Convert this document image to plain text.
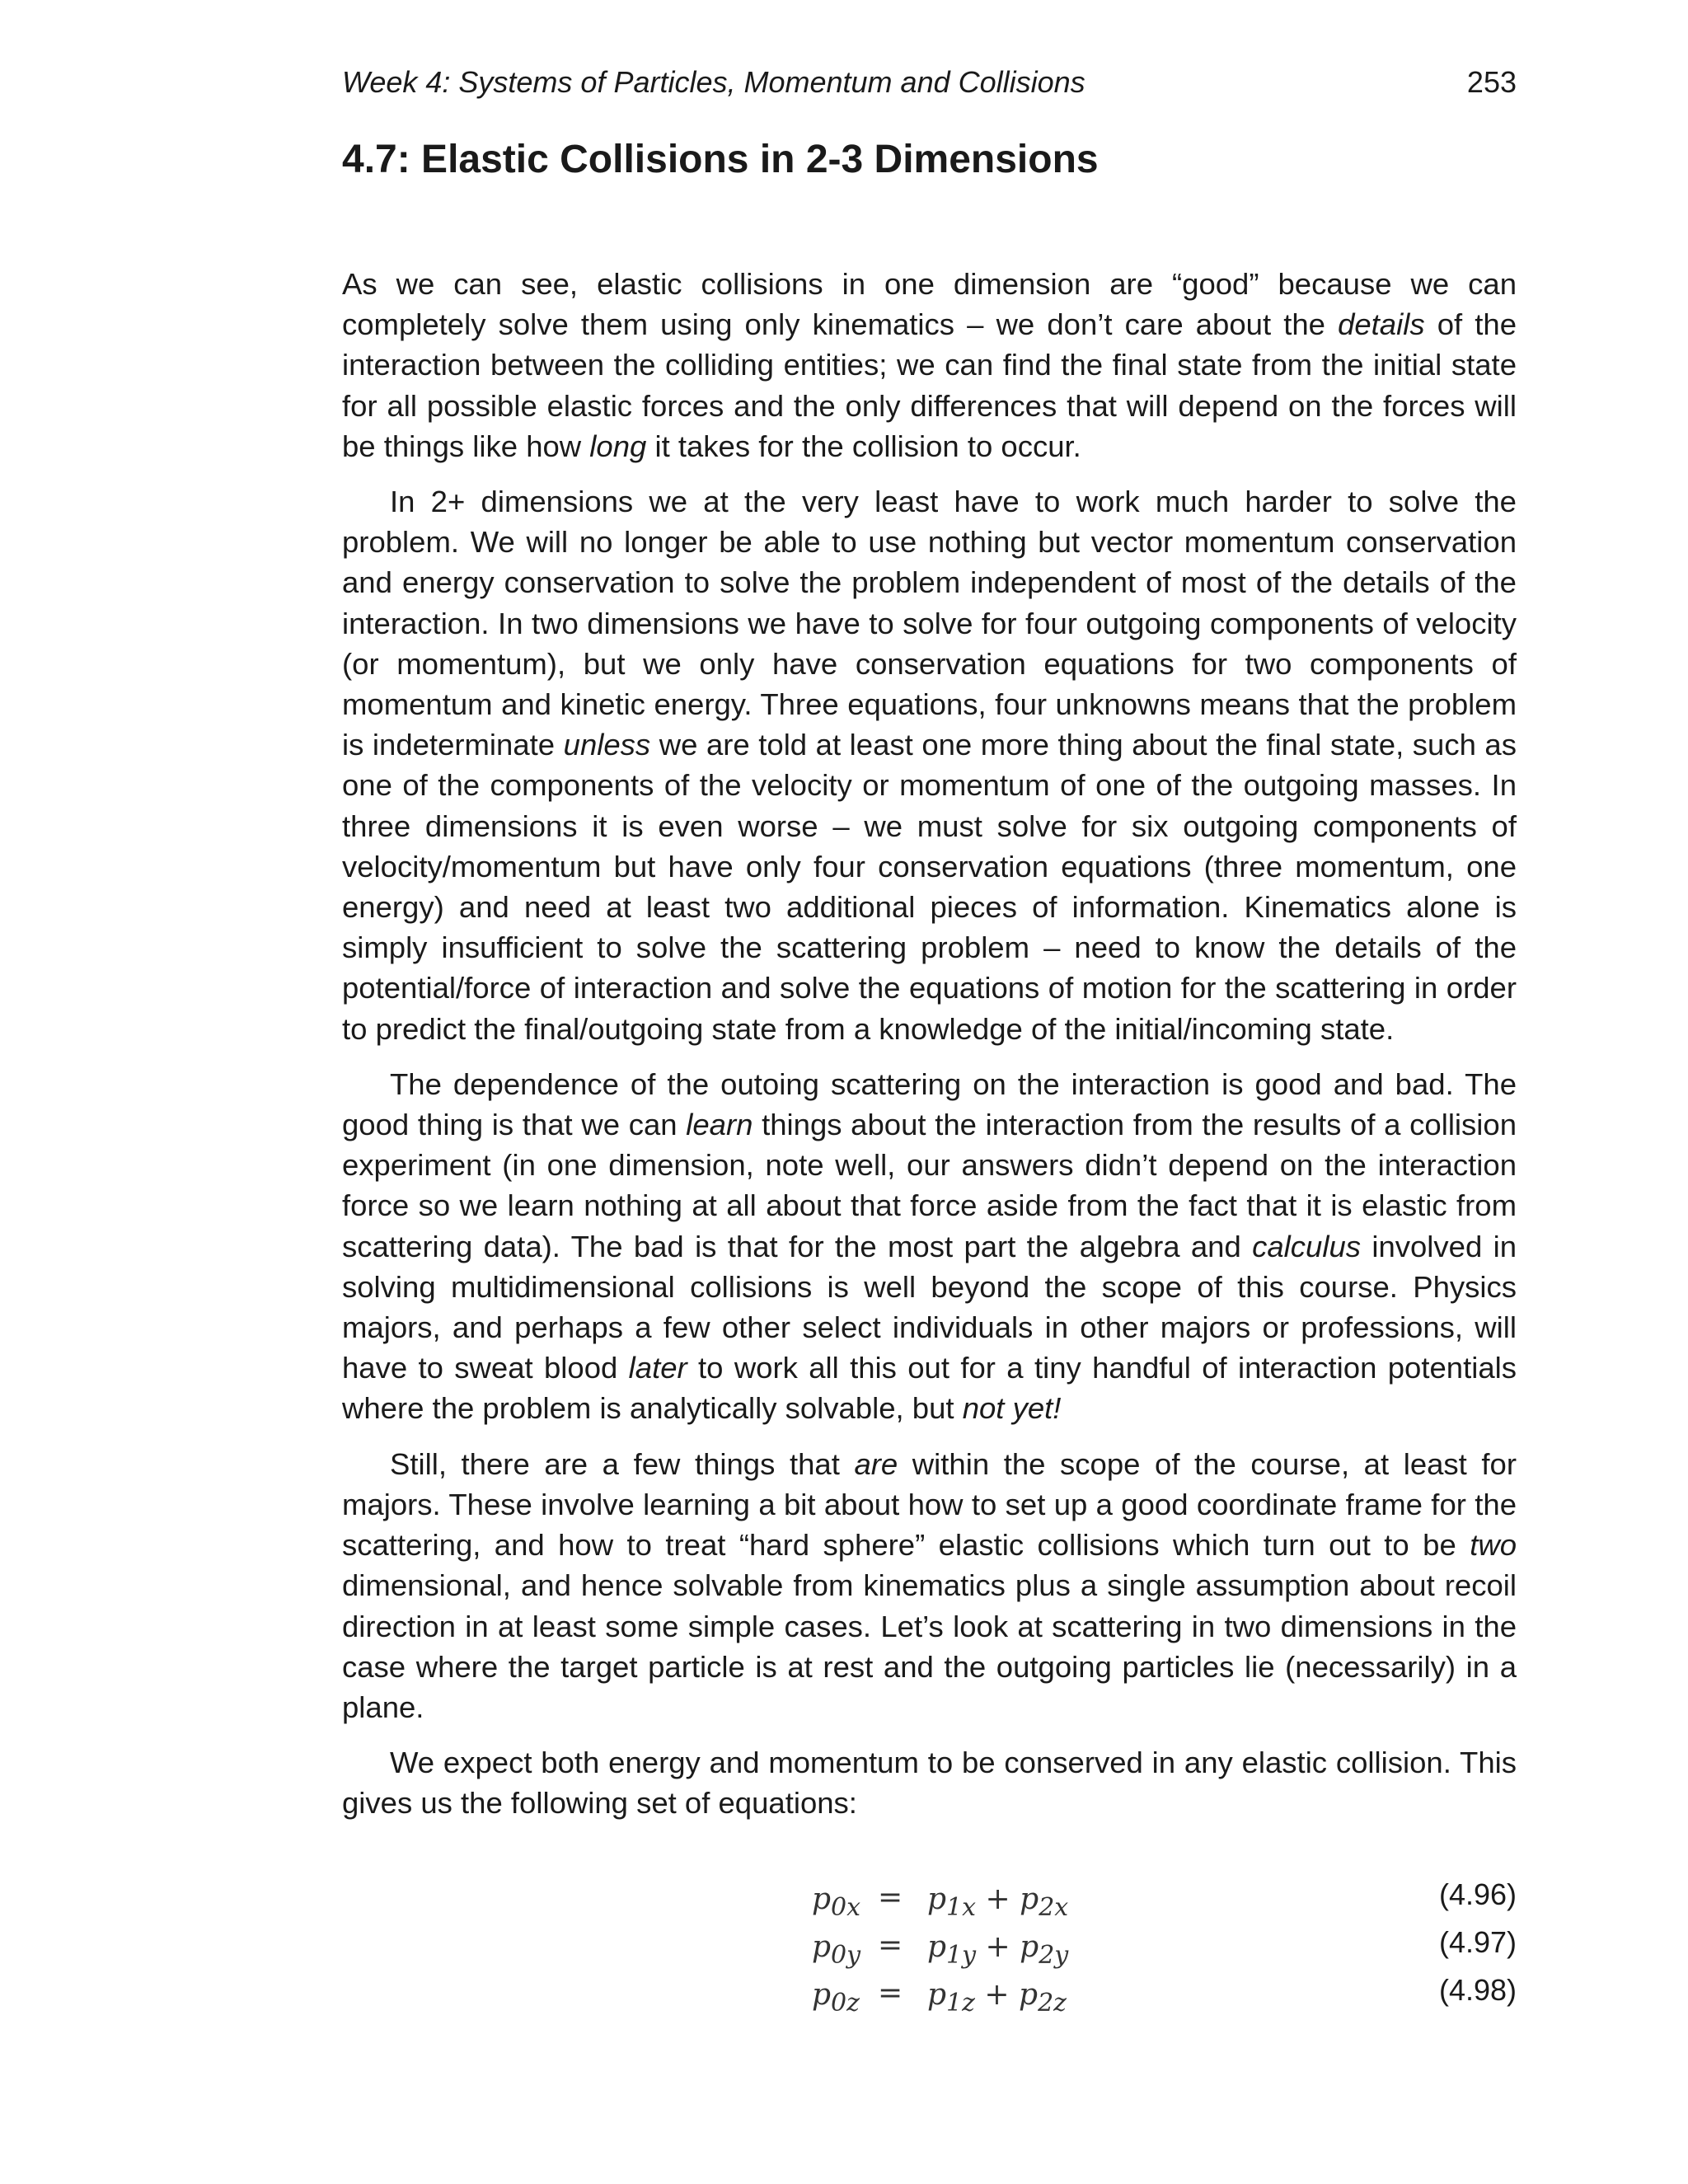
Week 4: Systems of Particles, Momentum and Collisions	253
4.7: Elastic Collisions in 2-3 Dimensions

As we can see, elastic collisions in one dimension are “good” because we can completely solve them using only kinematics – we don’t care about the details of the interaction between the colliding entities; we can find the final state from the initial state for all possible elastic forces and the only differences that will depend on the forces will be things like how long it takes for the collision to occur.

In 2+ dimensions we at the very least have to work much harder to solve the problem. We will no longer be able to use nothing but vector momentum conservation and energy conservation to solve the problem independent of most of the details of the interaction. In two dimensions we have to solve for four outgoing components of velocity (or momentum), but we only have conservation equations for two components of momentum and kinetic energy. Three equations, four unknowns means that the problem is indeterminate unless we are told at least one more thing about the final state, such as one of the components of the velocity or momentum of one of the outgoing masses. In three dimensions it is even worse – we must solve for six outgoing components of velocity/momentum but have only four conservation equations (three momentum, one energy) and need at least two additional pieces of information. Kinematics alone is simply insufficient to solve the scattering problem – need to know the details of the potential/force of interaction and solve the equations of motion for the scattering in order to predict the final/outgoing state from a knowledge of the initial/incoming state.

The dependence of the outoing scattering on the interaction is good and bad. The good thing is that we can learn things about the interaction from the results of a collision experiment (in one dimension, note well, our answers didn’t depend on the interaction force so we learn nothing at all about that force aside from the fact that it is elastic from scattering data). The bad is that for the most part the algebra and calculus involved in solving multidimensional collisions is well beyond the scope of this course. Physics majors, and perhaps a few other select individuals in other majors or professions, will have to sweat blood later to work all this out for a tiny handful of interaction potentials where the problem is analytically solvable, but not yet!

Still, there are a few things that are within the scope of the course, at least for majors. These involve learning a bit about how to set up a good coordinate frame for the scattering, and how to treat “hard sphere” elastic collisions which turn out to be two dimensional, and hence solvable from kinematics plus a single assumption about recoil direction in at least some simple cases. Let’s look at scattering in two dimensions in the case where the target particle is at rest and the outgoing particles lie (necessarily) in a plane.

We expect both energy and momentum to be conserved in any elastic collision. This gives us the following set of equations:

$p_{0x} = p_{1x} + p_{2x}$	(4.96)
$p_{0y} = p_{1y} + p_{2y}$	(4.97)
$p_{0z} = p_{1z} + p_{2z}$	(4.98)
